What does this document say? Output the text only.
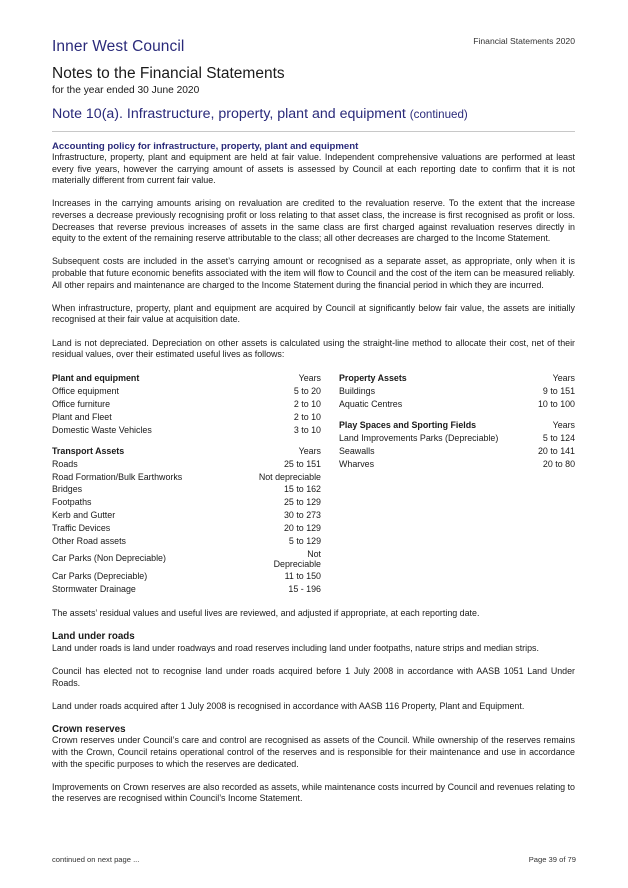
Inner West Council	Financial Statements 2020
Notes to the Financial Statements
for the year ended 30 June 2020
Note 10(a). Infrastructure, property, plant and equipment (continued)
Accounting policy for infrastructure, property, plant and equipment

Infrastructure, property, plant and equipment are held at fair value. Independent comprehensive valuations are performed at least every five years, however the carrying amount of assets is assessed by Council at each reporting date to confirm that it is not materially different from current fair value.

Increases in the carrying amounts arising on revaluation are credited to the revaluation reserve. To the extent that the increase reverses a decrease previously recognising profit or loss relating to that asset class, the increase is first recognised as profit or loss. Decreases that reverse previous increases of assets in the same class are first charged against revaluation reserves directly in equity to the extent of the remaining reserve attributable to the class; all other decreases are charged to the Income Statement.

Subsequent costs are included in the asset’s carrying amount or recognised as a separate asset, as appropriate, only when it is probable that future economic benefits associated with the item will flow to Council and the cost of the item can be measured reliably. All other repairs and maintenance are charged to the Income Statement during the financial period in which they are incurred.

When infrastructure, property, plant and equipment are acquired by Council at significantly below fair value, the assets are initially recognised at their fair value at acquisition date.

Land is not depreciated. Depreciation on other assets is calculated using the straight-line method to allocate their cost, net of their residual values, over their estimated useful lives as follows:

Plant and equipment	Years
Office equipment	5 to 20
Office furniture	2 to 10
Plant and Fleet	2 to 10
Domestic Waste Vehicles	3 to 10
Transport Assets	Years
Roads	25 to 151
Road Formation/Bulk Earthworks	Not depreciable
Bridges	15 to 162
Footpaths	25 to 129
Kerb and Gutter	30 to 273
Traffic Devices	20 to 129
Other Road assets	5 to 129
Car Parks (Non Depreciable)	Not
Depreciable
Car Parks (Depreciable)	11 to 150
Stormwater Drainage	15 - 196
Property Assets	Years
Buildings	9 to 151
Aquatic Centres	10 to 100
Play Spaces and Sporting Fields	Years
Land Improvements Parks (Depreciable)	5 to 124
Seawalls	20 to 141
Wharves	20 to 80

The assets’ residual values and useful lives are reviewed, and adjusted if appropriate, at each reporting date.

Land under roads

Land under roads is land under roadways and road reserves including land under footpaths, nature strips and median strips.

Council has elected not to recognise land under roads acquired before 1 July 2008 in accordance with AASB 1051 Land Under Roads.

Land under roads acquired after 1 July 2008 is recognised in accordance with AASB 116 Property, Plant and Equipment.

Crown reserves

Crown reserves under Council’s care and control are recognised as assets of the Council. While ownership of the reserves remains with the Crown, Council retains operational control of the reserves and is responsible for their maintenance and use in accordance with the specific purposes to which the reserves are dedicated.

Improvements on Crown reserves are also recorded as assets, while maintenance costs incurred by Council and revenues relating to the reserves are recognised within Council’s Income Statement.

continued on next page ...	Page 39 of 79
